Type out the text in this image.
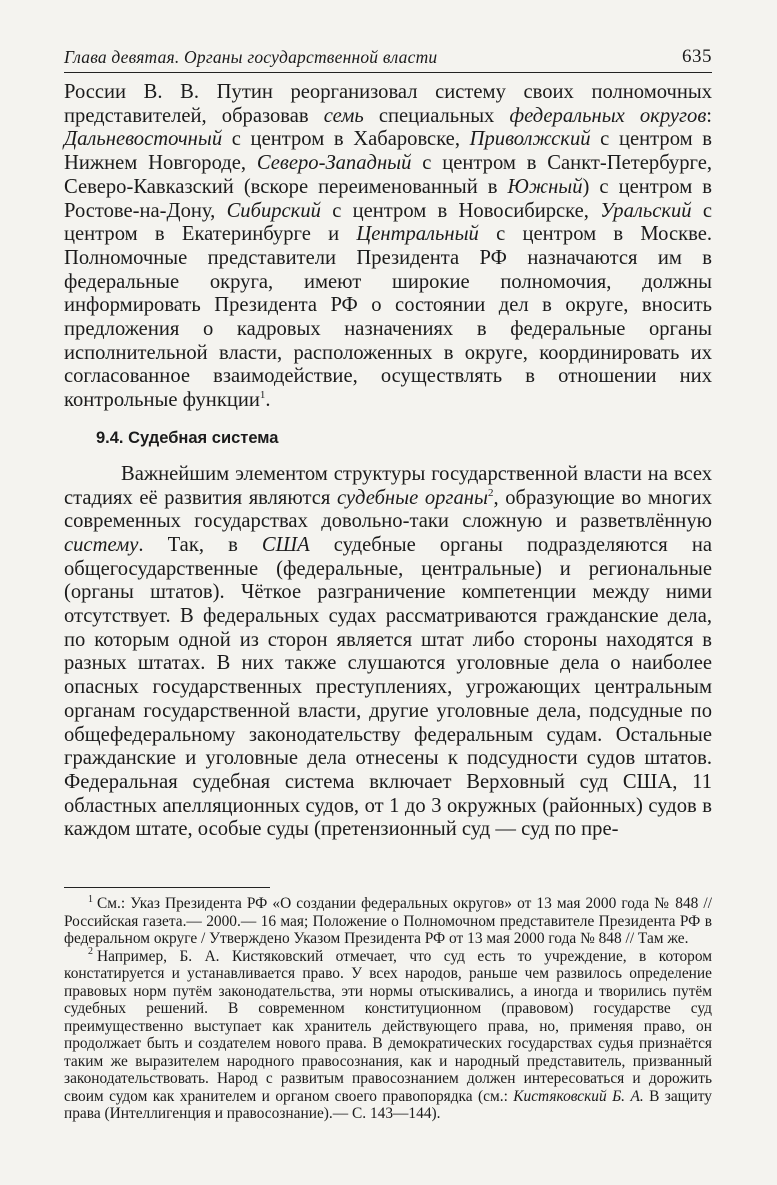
Глава девятая. Органы государственной власти	635

России В. В. Путин реорганизовал систему своих полномочных представителей, образовав семь специальных федеральных округов: Дальневосточный с центром в Хабаровске, Приволжский с центром в Нижнем Новгороде, Северо-Западный с центром в Санкт-Петербурге, Северо-Кавказский (вскоре переименованный в Южный) с центром в Ростове-на-Дону, Сибирский с центром в Новосибирске, Уральский с центром в Екатеринбурге и Центральный с центром в Москве. Полномочные представители Президента РФ назначаются им в федеральные округа, имеют широкие полномочия, должны информировать Президента РФ о состоянии дел в округе, вносить предложения о кадровых назначениях в федеральные органы исполнительной власти, расположенных в округе, координировать их согласованное взаимодействие, осуществлять в отношении них контрольные функции$^1$.

9.4. Судебная система

Важнейшим элементом структуры государственной власти на всех стадиях её развития являются судебные органы$^2$, образующие во многих современных государствах довольно-таки сложную и разветвлённую систему. Так, в США судебные органы подразделяются на общегосударственные (федеральные, центральные) и региональные (органы штатов). Чёткое разграничение компетенции между ними отсутствует. В федеральных судах рассматриваются гражданские дела, по которым одной из сторон является штат либо стороны находятся в разных штатах. В них также слушаются уголовные дела о наиболее опасных государственных преступлениях, угрожающих центральным органам государственной власти, другие уголовные дела, подсудные по общефедеральному законодательству федеральным судам. Остальные гражданские и уголовные дела отнесены к подсудности судов штатов. Федеральная судебная система включает Верховный суд США, 11 областных апелляционных судов, от 1 до 3 окружных (районных) судов в каждом штате, особые суды (претензионный суд — суд по пре-

$^1$ См.: Указ Президента РФ «О создании федеральных округов» от 13 мая 2000 года № 848 // Российская газета.— 2000.— 16 мая; Положение о Полномочном представителе Президента РФ в федеральном округе / Утверждено Указом Президента РФ от 13 мая 2000 года № 848 // Там же.

$^2$ Например, Б. А. Кистяковский отмечает, что суд есть то учреждение, в котором констатируется и устанавливается право. У всех народов, раньше чем развилось определение правовых норм путём законодательства, эти нормы отыскивались, а иногда и творились путём судебных решений. В современном конституционном (правовом) государстве суд преимущественно выступает как хранитель действующего права, но, применяя право, он продолжает быть и создателем нового права. В демократических государствах судья признаётся таким же выразителем народного правосознания, как и народный представитель, призванный законодательствовать. Народ с развитым правосознанием должен интересоваться и дорожить своим судом как хранителем и органом своего правопорядка (см.: Кистяковский Б. А. В защиту права (Интеллигенция и правосознание).— С. 143—144).
